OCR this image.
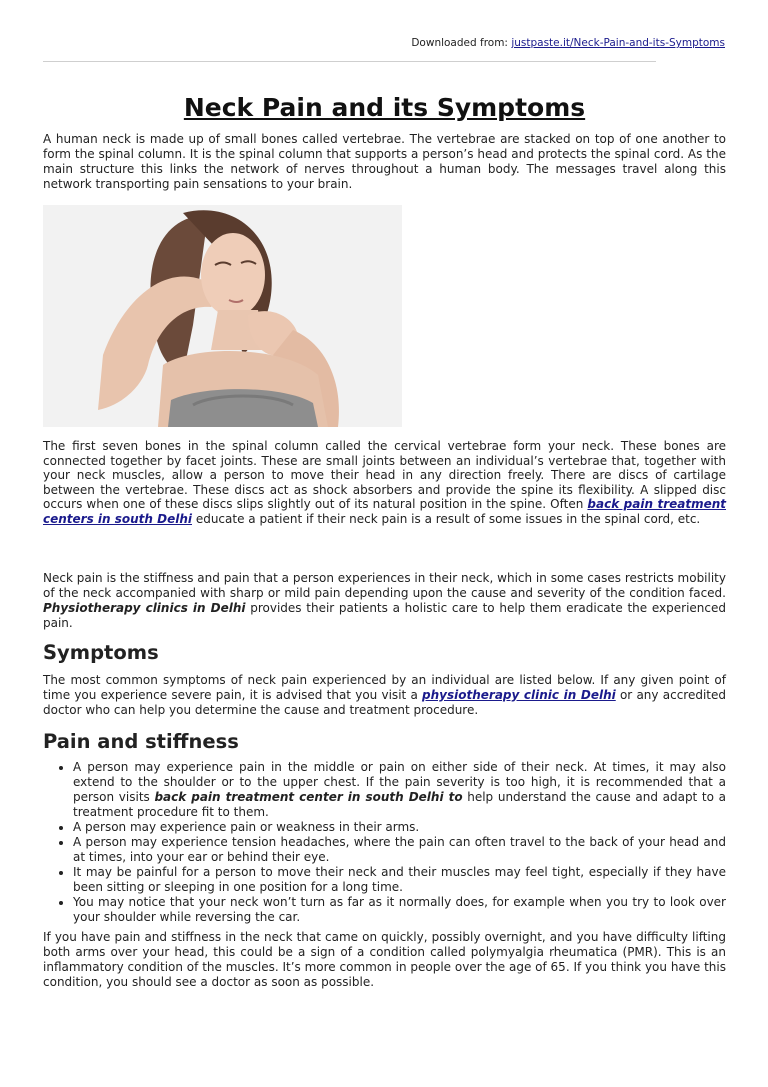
Downloaded from: justpaste.it/Neck-Pain-and-its-Symptoms
Neck Pain and its Symptoms

A human neck is made up of small bones called vertebrae. The vertebrae are stacked on top of one another to form the spinal column. It is the spinal column that supports a person’s head and protects the spinal cord. As the main structure this links the network of nerves throughout a human body. The messages travel along this network transporting pain sensations to your brain.

The first seven bones in the spinal column called the cervical vertebrae form your neck. These bones are connected together by facet joints. These are small joints between an individual’s vertebrae that, together with your neck muscles, allow a person to move their head in any direction freely. There are discs of cartilage between the vertebrae. These discs act as shock absorbers and provide the spine its flexibility. A slipped disc occurs when one of these discs slips slightly out of its natural position in the spine. Often back pain treatment centers in south Delhi educate a patient if their neck pain is a result of some issues in the spinal cord, etc.

Neck pain is the stiffness and pain that a person experiences in their neck, which in some cases restricts mobility of the neck accompanied with sharp or mild pain depending upon the cause and severity of the condition faced. Physiotherapy clinics in Delhi provides their patients a holistic care to help them eradicate the experienced pain.

Symptoms

The most common symptoms of neck pain experienced by an individual are listed below. If any given point of time you experience severe pain, it is advised that you visit a physiotherapy clinic in Delhi or any accredited doctor who can help you determine the cause and treatment procedure.

Pain and stiffness
• A person may experience pain in the middle or pain on either side of their neck. At times, it may also extend to the shoulder or to the upper chest. If the pain severity is too high, it is recommended that a person visits back pain treatment center in south Delhi to help understand the cause and adapt to a treatment procedure fit to them.
• A person may experience pain or weakness in their arms.
• A person may experience tension headaches, where the pain can often travel to the back of your head and at times, into your ear or behind their eye.
• It may be painful for a person to move their neck and their muscles may feel tight, especially if they have been sitting or sleeping in one position for a long time.
• You may notice that your neck won’t turn as far as it normally does, for example when you try to look over your shoulder while reversing the car.

If you have pain and stiffness in the neck that came on quickly, possibly overnight, and you have difficulty lifting both arms over your head, this could be a sign of a condition called polymyalgia rheumatica (PMR). This is an inflammatory condition of the muscles. It’s more common in people over the age of 65. If you think you have this condition, you should see a doctor as soon as possible.
